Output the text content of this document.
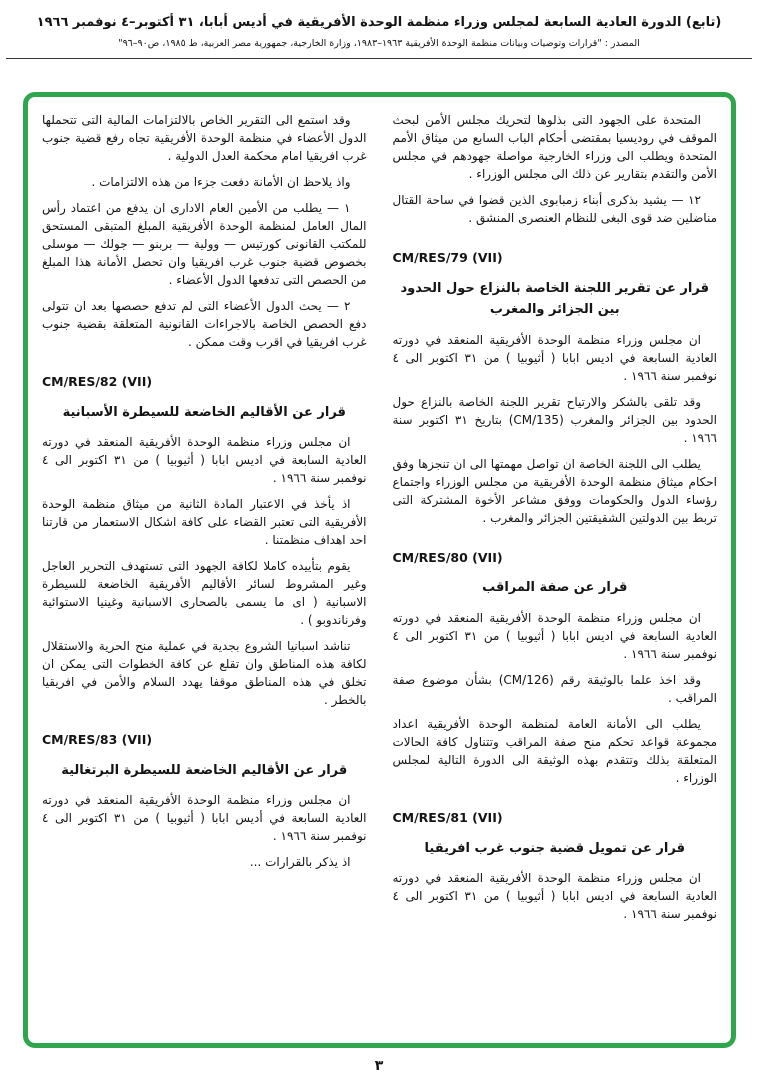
(تابع) الدورة العادية السابعة لمجلس وزراء منظمة الوحدة الأفريقية في أديس أبابا، ٣١ أكتوبر–٤ نوفمبر ١٩٦٦
المصدر : "قرارات وتوصيات وبيانات منظمة الوحدة الأفريقية ١٩٦٣–١٩٨٣، وزارة الخارجية، جمهورية مصر العربية، ط ١٩٨٥، ص٩٠–٩٦"
المتحدة على الجهود التى بذلوها لتحريك مجلس الأمن لبحث الموقف في روديسيا بمقتضى أحكام الباب السابع من ميثاق الأمم المتحدة ويطلب الى وزراء الخارجية مواصلة جهودهم في مجلس الأمن والتقدم بتقارير عن ذلك الى مجلس الوزراء .
١٢ — يشيد بذكرى أبناء زمبابوى الذين قضوا في ساحة القتال مناضلين ضد قوى البغى للنظام العنصرى المنشق .
CM/RES/79 (VII)
قرار عن تقرير اللجنة الخاصة بالنزاع حول الحدود بين الجزائر والمغرب
ان مجلس وزراء منظمة الوحدة الأفريقية المنعقد في دورته العادية السابعة في اديس ابابا ( أثيوبيا ) من ٣١ اكتوبر الى ٤ نوفمبر سنة ١٩٦٦ .
وقد تلقى بالشكر والارتياح تقرير اللجنة الخاصة بالنزاع حول الحدود بين الجزائر والمغرب (CM/135) بتاريخ ٣١ اكتوبر سنة ١٩٦٦ .
يطلب الى اللجنة الخاصة ان تواصل مهمتها الى ان تنجزها وفق احكام ميثاق منظمة الوحدة الأفريقية من مجلس الوزراء واجتماع رؤساء الدول والحكومات ووفق مشاعر الأخوة المشتركة التى تربط بين الدولتين الشقيقتين الجزائر والمغرب .
CM/RES/80 (VII)
قرار عن صفة المراقب
ان مجلس وزراء منظمة الوحدة الأفريقية المنعقد في دورته العادية السابعة في اديس ابابا ( أثيوبيا ) من ٣١ اكتوبر الى ٤ نوفمبر سنة ١٩٦٦ .
وقد اخذ علما بالوثيقة رقم (CM/126) بشأن موضوع صفة المراقب .
يطلب الى الأمانة العامة لمنظمة الوحدة الأفريقية اعداد مجموعة قواعد تحكم منح صفة المراقب وتتناول كافة الحالات المتعلقة بذلك وتتقدم بهذه الوثيقة الى الدورة التالية لمجلس الوزراء .
CM/RES/81 (VII)
قرار عن تمويل قضية جنوب غرب افريقيا
ان مجلس وزراء منظمة الوحدة الأفريقية المنعقد في دورته العادية السابعة في اديس ابابا ( أثيوبيا ) من ٣١ اكتوبر الى ٤ نوفمبر سنة ١٩٦٦ .
وقد استمع الى التقرير الخاص بالالتزامات المالية التى تتحملها الدول الأعضاء في منظمة الوحدة الأفريقية تجاه رفع قضية جنوب غرب افريقيا امام محكمة العدل الدولية .
واذ يلاحظ ان الأمانة دفعت جزءا من هذه الالتزامات .
١ — يطلب من الأمين العام الادارى ان يدفع من اعتماد رأس المال العامل لمنظمة الوحدة الأفريقية المبلغ المتبقى المستحق للمكتب القانونى كورتيس — وولية — بربنو — جولك — موسلى بخصوص قضية جنوب غرب افريقيا وان تحصل الأمانة هذا المبلغ من الحصص التى تدفعها الدول الأعضاء .
٢ — يحث الدول الأعضاء التى لم تدفع حصصها بعد ان تتولى دفع الحصص الخاصة بالاجراءات القانونية المتعلقة بقضية جنوب غرب افريقيا في اقرب وقت ممكن .
CM/RES/82 (VII)
قرار عن الأقاليم الخاضعة للسيطرة الأسبانية
ان مجلس وزراء منظمة الوحدة الأفريقية المنعقد في دورته العادية السابعة في اديس ابابا ( أثيوبيا ) من ٣١ اكتوبر الى ٤ نوفمبر سنة ١٩٦٦ .
اذ يأخذ في الاعتبار المادة الثانية من ميثاق منظمة الوحدة الأفريقية التى تعتبر القضاء على كافة اشكال الاستعمار من قارتنا احد اهداف منظمتنا .
يقوم بتأييده كاملا لكافة الجهود التى تستهدف التحرير العاجل وغير المشروط لسائر الأقاليم الأفريقية الخاضعة للسيطرة الاسبانية ( اى ما يسمى بالصحارى الاسبانية وغينيا الاستوائية وفرناندوبو ) .
تناشد اسبانيا الشروع بجدية في عملية منح الحرية والاستقلال لكافة هذه المناطق وان تقلع عن كافة الخطوات التى يمكن ان تخلق في هذه المناطق موقفا يهدد السلام والأمن في افريقيا بالخطر .
CM/RES/83 (VII)
قرار عن الأقاليم الخاضعة للسيطرة البرتغالية
ان مجلس وزراء منظمة الوحدة الأفريقية المنعقد في دورته العادية السابعة في أديس ابابا ( أثيوبيا ) من ٣١ اكتوبر الى ٤ نوفمبر سنة ١٩٦٦ .
اذ يذكر بالقرارات ...
٣
